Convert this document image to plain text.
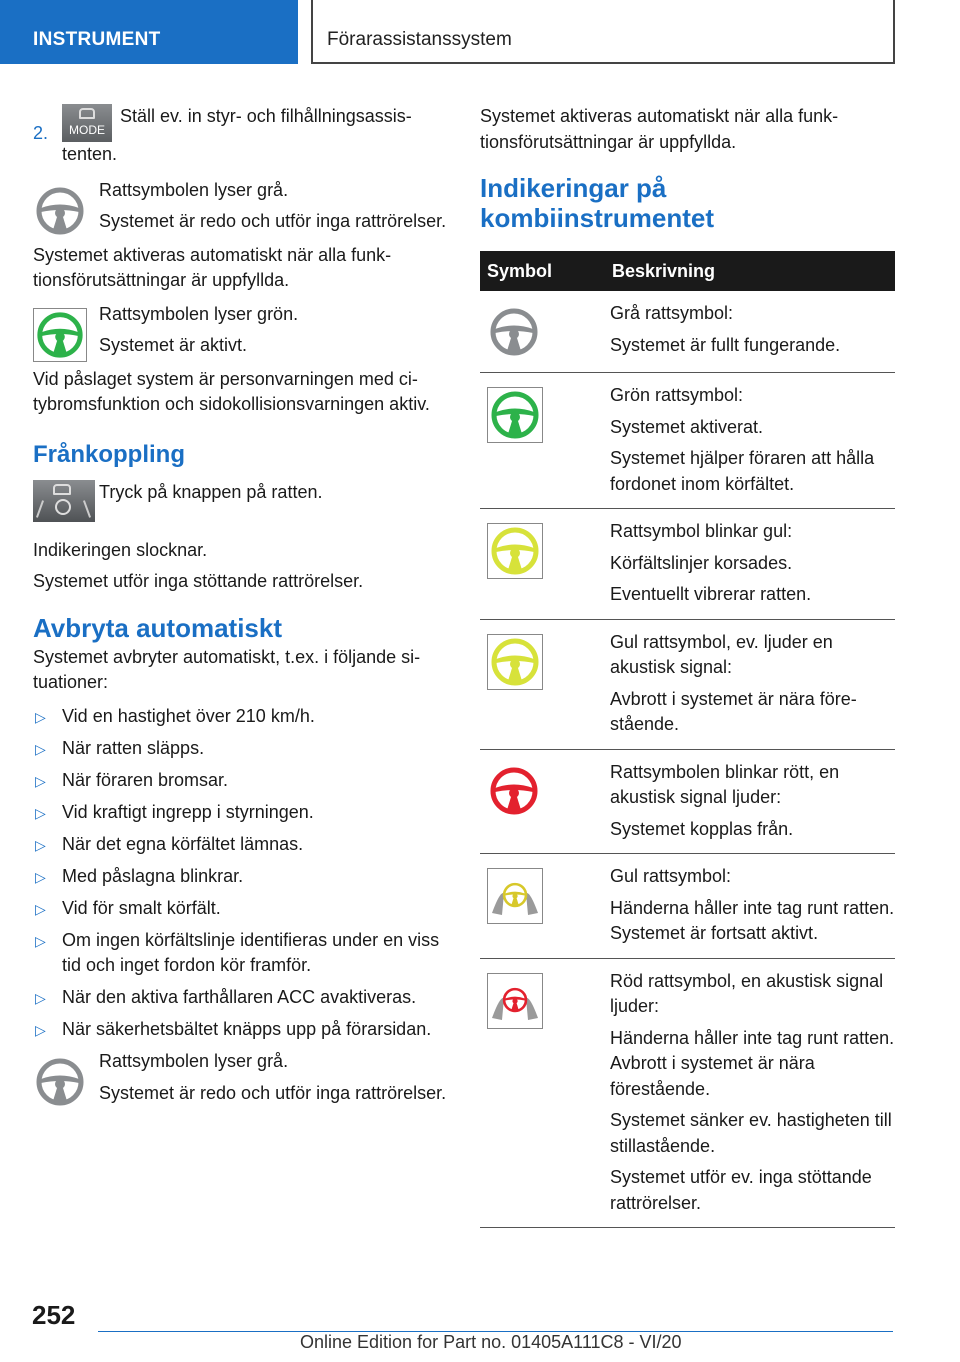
INSTRUMENT	Förarassistanssystem
2.	MODE

Ställ ev. in styr- och filhållningsassistenten.

Rattsymbolen lyser grå.

Systemet är redo och utför inga rattrörelser.

Systemet aktiveras automatiskt när alla funktionsförutsättningar är uppfyllda.

Rattsymbolen lyser grön.

Systemet är aktivt.

Vid påslaget system är personvarningen med citybromsfunktion och sidokollisionsvarningen aktiv.

Frånkoppling

Tryck på knappen på ratten.

Indikeringen slocknar.

Systemet utför inga stöttande rattrörelser.

Avbryta automatiskt

Systemet avbryter automatiskt, t.ex. i följande situationer:

▷ Vid en hastighet över 210 km/h.
▷ När ratten släpps.
▷ När föraren bromsar.
▷ Vid kraftigt ingrepp i styrningen.
▷ När det egna körfältet lämnas.
▷ Med påslagna blinkrar.
▷ Vid för smalt körfält.
▷ Om ingen körfältslinje identifieras under en viss tid och inget fordon kör framför.
▷ När den aktiva farthållaren ACC avaktiveras.
▷ När säkerhetsbältet knäpps upp på förarsidan.

Rattsymbolen lyser grå.

Systemet är redo och utför inga rattrörelser.

Systemet aktiveras automatiskt när alla funktionsförutsättningar är uppfyllda.

Indikeringar på kombiinstrumentet
Symbol	Beskrivning

Grå rattsymbol:

Systemet är fullt fungerande.

Grön rattsymbol:

Systemet aktiverat.

Systemet hjälper föraren att hålla fordonet inom körfältet.

Rattsymbol blinkar gul:

Körfältslinjer korsades.

Eventuellt vibrerar ratten.

Gul rattsymbol, ev. ljuder en akustisk signal:

Avbrott i systemet är nära förestående.

Rattsymbolen blinkar rött, en akustisk signal ljuder:

Systemet kopplas från.

Gul rattsymbol:

Händerna håller inte tag runt ratten. Systemet är fortsatt aktivt.

Röd rattsymbol, en akustisk signal ljuder:

Händerna håller inte tag runt ratten. Avbrott i systemet är nära förestående.

Systemet sänker ev. hastigheten till stillastående.

Systemet utför ev. inga stöttande rattrörelser.

252
Online Edition for Part no. 01405A111C8 - VI/20
